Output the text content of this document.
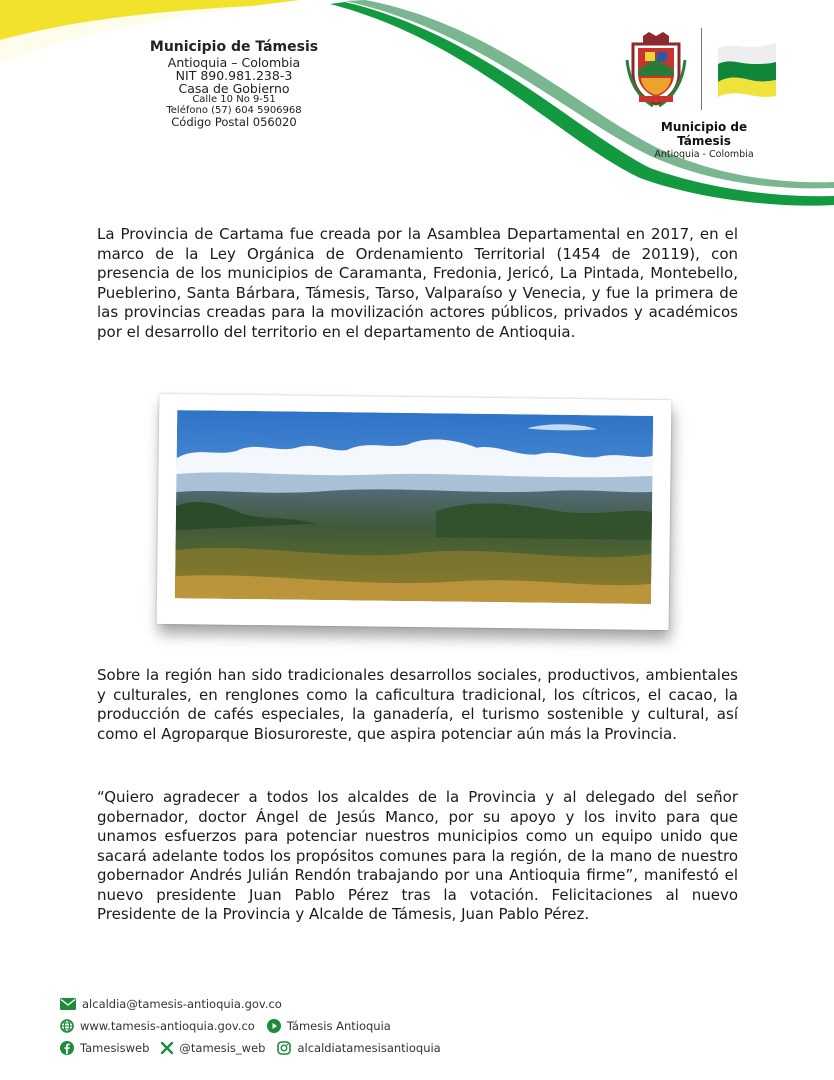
Municipio de Támesis
Antioquia – Colombia
NIT 890.981.238-3
Casa de Gobierno
Calle 10 No 9-51
Teléfono (57) 604 5906968
Código Postal 056020	Municipio de Támesis
Antioquia - Colombia

La Provincia de Cartama fue creada por la Asamblea Departamental en 2017, en el marco de la Ley Orgánica de Ordenamiento Territorial (1454 de 20119), con presencia de los municipios de Caramanta, Fredonia, Jericó, La Pintada, Montebello, Pueblerino, Santa Bárbara, Támesis, Tarso, Valparaíso y Venecia, y fue la primera de las provincias creadas para la movilización actores públicos, privados y académicos por el desarrollo del territorio en el departamento de Antioquia.

Sobre la región han sido tradicionales desarrollos sociales, productivos, ambientales y culturales, en renglones como la caficultura tradicional, los cítricos, el cacao, la producción de cafés especiales, la ganadería, el turismo sostenible y cultural, así como el Agroparque Biosuroreste, que aspira potenciar aún más la Provincia.

“Quiero agradecer a todos los alcaldes de la Provincia y al delegado del señor gobernador, doctor Ángel de Jesús Manco, por su apoyo y los invito para que unamos esfuerzos para potenciar nuestros municipios como un equipo unido que sacará adelante todos los propósitos comunes para la región, de la mano de nuestro gobernador Andrés Julián Rendón trabajando por una Antioquia firme”, manifestó el nuevo presidente Juan Pablo Pérez tras la votación. Felicitaciones al nuevo Presidente de la Provincia y Alcalde de Támesis, Juan Pablo Pérez.

alcaldia@tamesis-antioquia.gov.co
www.tamesis-antioquia.gov.co	Támesis Antioquia
Tamesisweb	@tamesis_web	alcaldiatamesisantioquia
